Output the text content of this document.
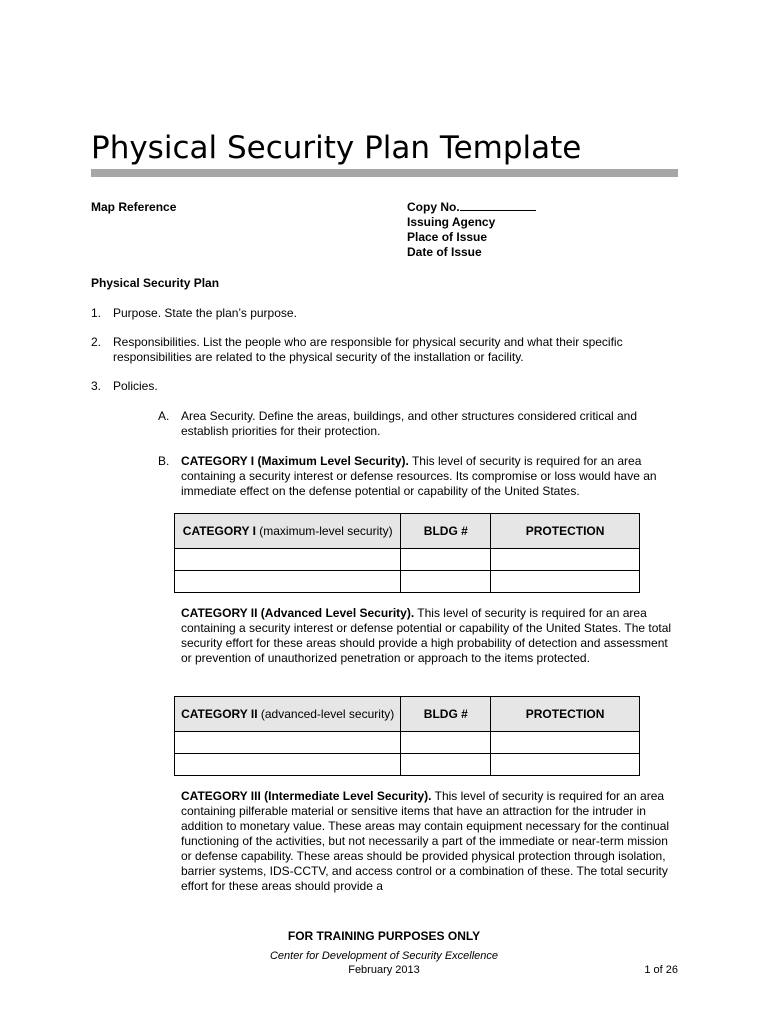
Physical Security Plan Template
Map Reference	Copy No.
Issuing Agency
Place of Issue
Date of Issue
Physical Security Plan
1. Purpose. State the plan’s purpose.
2. Responsibilities. List the people who are responsible for physical security and what their specific responsibilities are related to the physical security of the installation or facility.
3. Policies.
A. Area Security. Define the areas, buildings, and other structures considered critical and establish priorities for their protection.
B. CATEGORY I (Maximum Level Security). This level of security is required for an area containing a security interest or defense resources. Its compromise or loss would have an immediate effect on the defense potential or capability of the United States.
CATEGORY I (maximum-level security)	BLDG #	PROTECTION

CATEGORY II (Advanced Level Security). This level of security is required for an area containing a security interest or defense potential or capability of the United States. The total security effort for these areas should provide a high probability of detection and assessment or prevention of unauthorized penetration or approach to the items protected.
CATEGORY II (advanced-level security)	BLDG #	PROTECTION

CATEGORY III (Intermediate Level Security). This level of security is required for an area containing pilferable material or sensitive items that have an attraction for the intruder in addition to monetary value. These areas may contain equipment necessary for the continual functioning of the activities, but not necessarily a part of the immediate or near-term mission or defense capability. These areas should be provided physical protection through isolation, barrier systems, IDS-CCTV, and access control or a combination of these. The total security effort for these areas should provide a
FOR TRAINING PURPOSES ONLY
Center for Development of Security Excellence
February 2013	1 of 26
